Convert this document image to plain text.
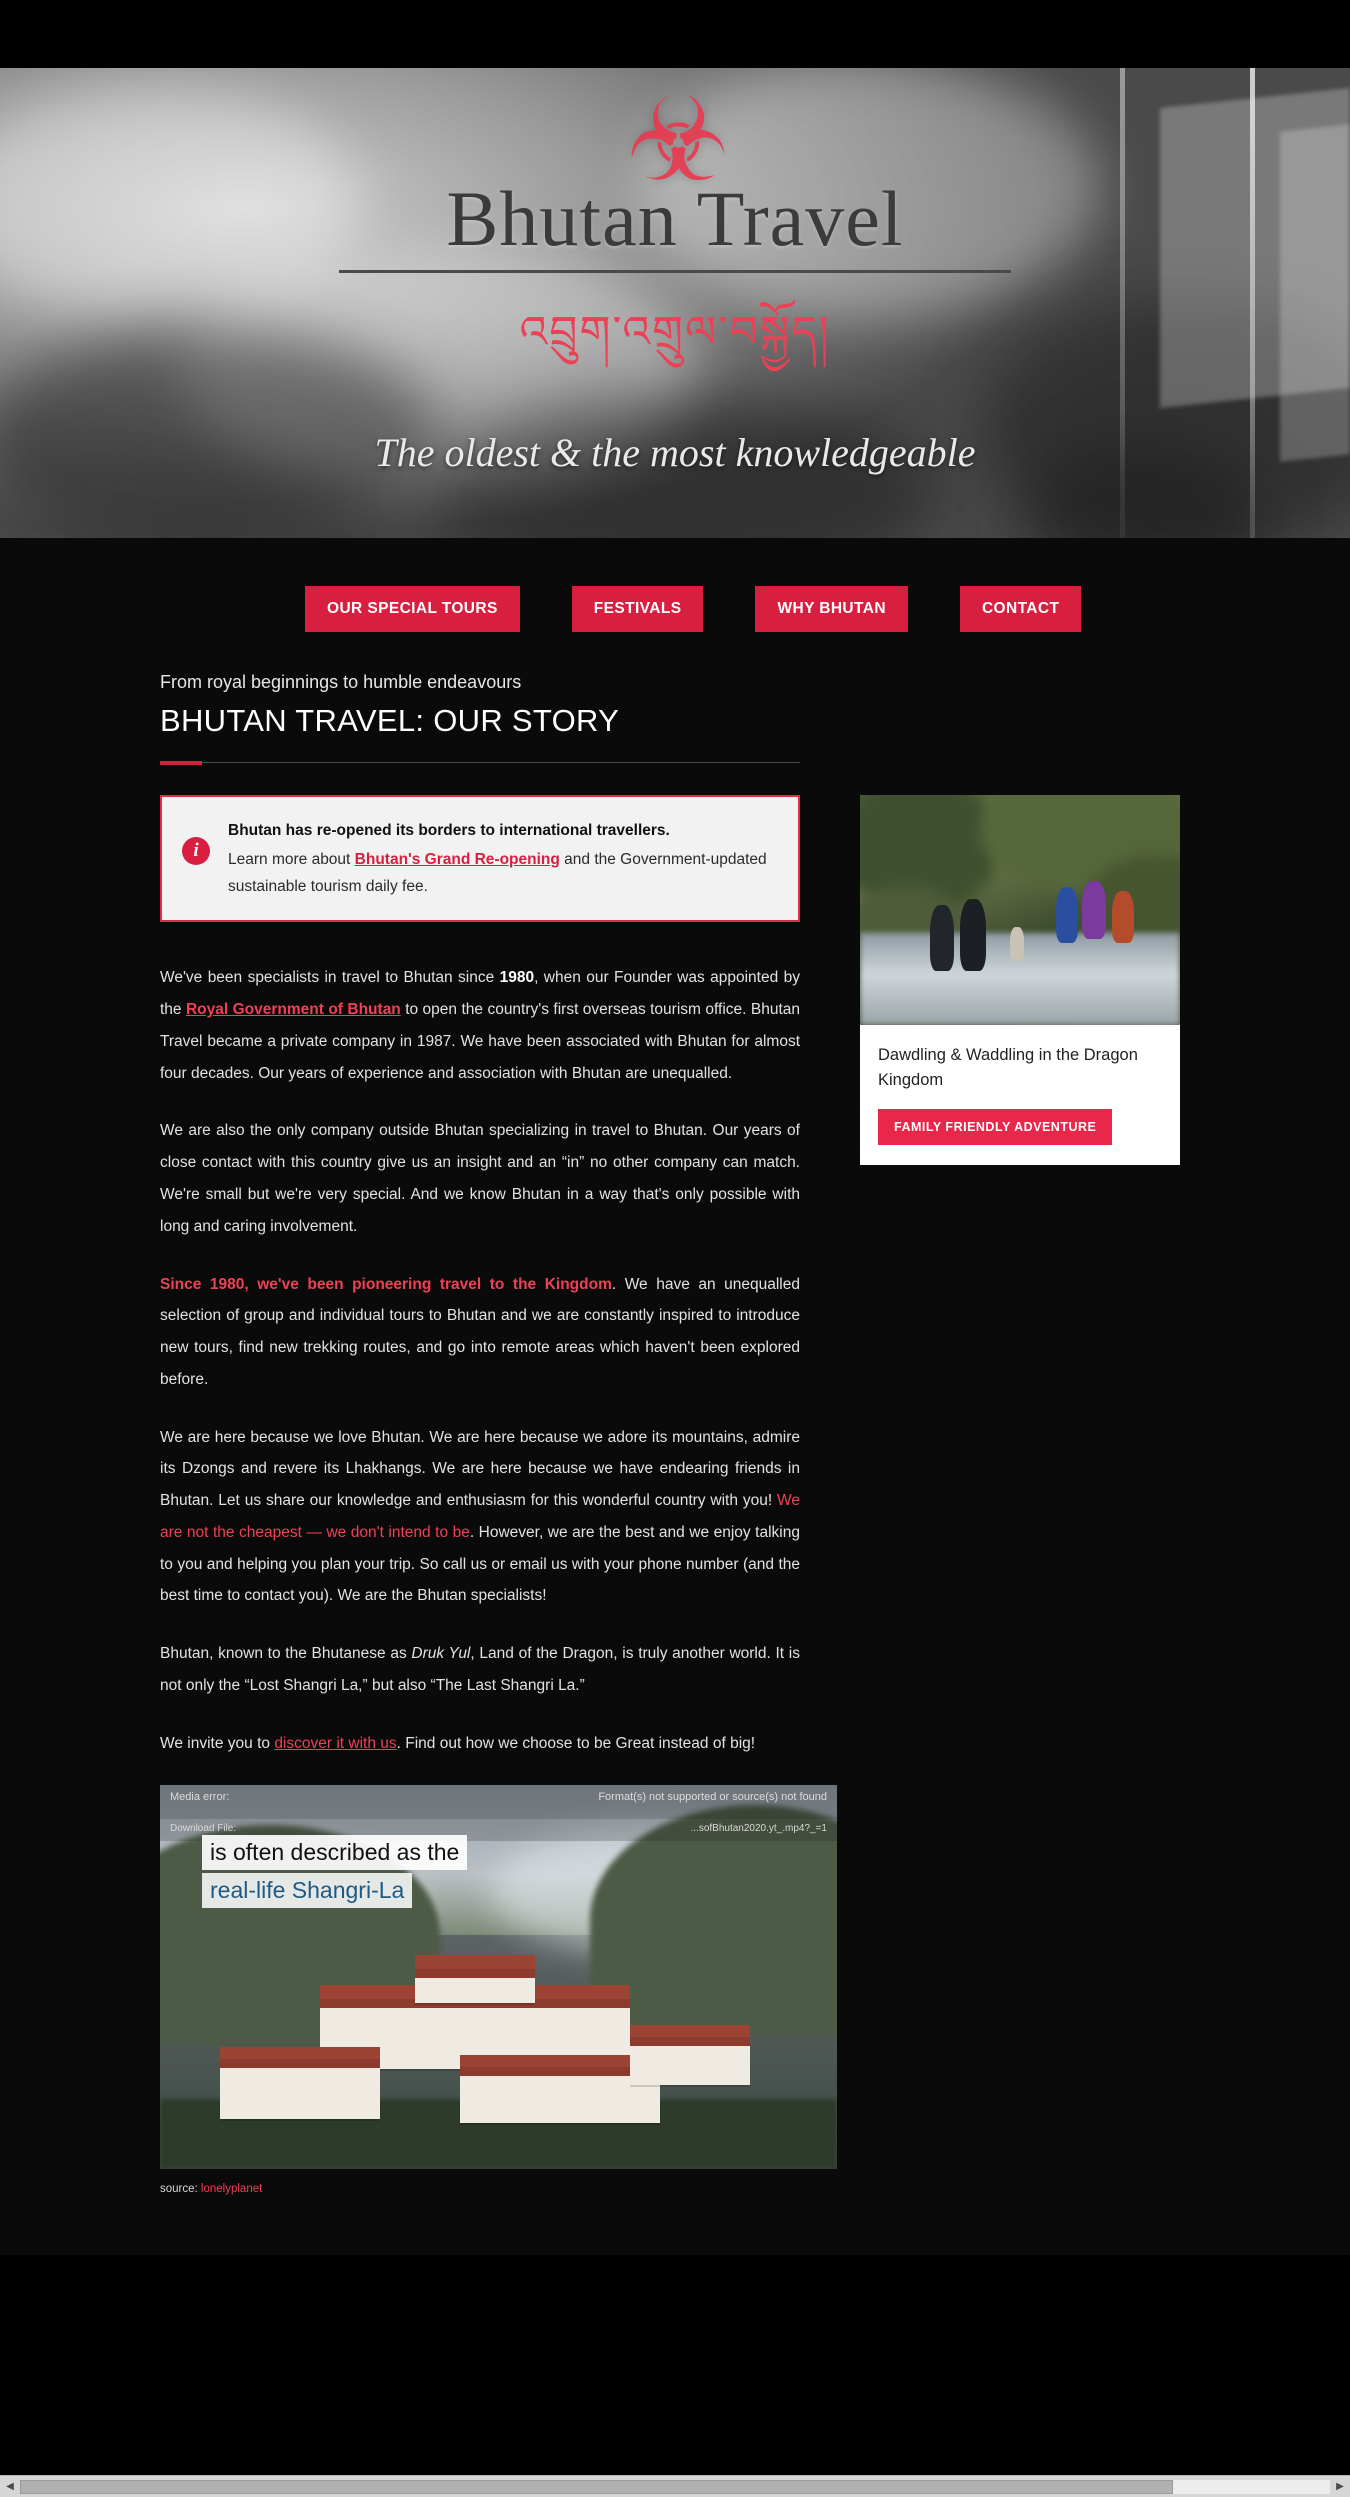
☣
Bhutan Travel
འབྲུག་འགྲུལ་བསྐྱོད།
The oldest & the most knowledgeable
OUR SPECIAL TOURS	FESTIVALS	WHY BHUTAN	CONTACT
From royal beginnings to humble endeavours
BHUTAN TRAVEL: OUR STORY
i
Bhutan has re-opened its borders to international travellers.
Learn more about Bhutan's Grand Re-opening and the Government-updated sustainable tourism daily fee.

We've been specialists in travel to Bhutan since 1980, when our Founder was appointed by the Royal Government of Bhutan to open the country's first overseas tourism office. Bhutan Travel became a private company in 1987. We have been associated with Bhutan for almost four decades. Our years of experience and association with Bhutan are unequalled.

We are also the only company outside Bhutan specializing in travel to Bhutan. Our years of close contact with this country give us an insight and an “in” no other company can match. We're small but we're very special. And we know Bhutan in a way that's only possible with long and caring involvement.

Since 1980, we've been pioneering travel to the Kingdom. We have an unequalled selection of group and individual tours to Bhutan and we are constantly inspired to introduce new tours, find new trekking routes, and go into remote areas which haven't been explored before.

We are here because we love Bhutan. We are here because we adore its mountains, admire its Dzongs and revere its Lhakhangs. We are here because we have endearing friends in Bhutan. Let us share our knowledge and enthusiasm for this wonderful country with you! We are not the cheapest — we don't intend to be. However, we are the best and we enjoy talking to you and helping you plan your trip. So call us or email us with your phone number (and the best time to contact you). We are the Bhutan specialists!

Bhutan, known to the Bhutanese as Druk Yul, Land of the Dragon, is truly another world. It is not only the “Lost Shangri La,” but also “The Last Shangri La.”

We invite you to discover it with us. Find out how we choose to be Great instead of big!

Media error:	Format(s) not supported or source(s) not found
Download File:	...sofBhutan2020.yt_.mp4?_=1
is often described as the
real-life Shangri-La
source: lonelyplanet
Dawdling & Waddling in the Dragon Kingdom
FAMILY FRIENDLY ADVENTURE
◀	▶
